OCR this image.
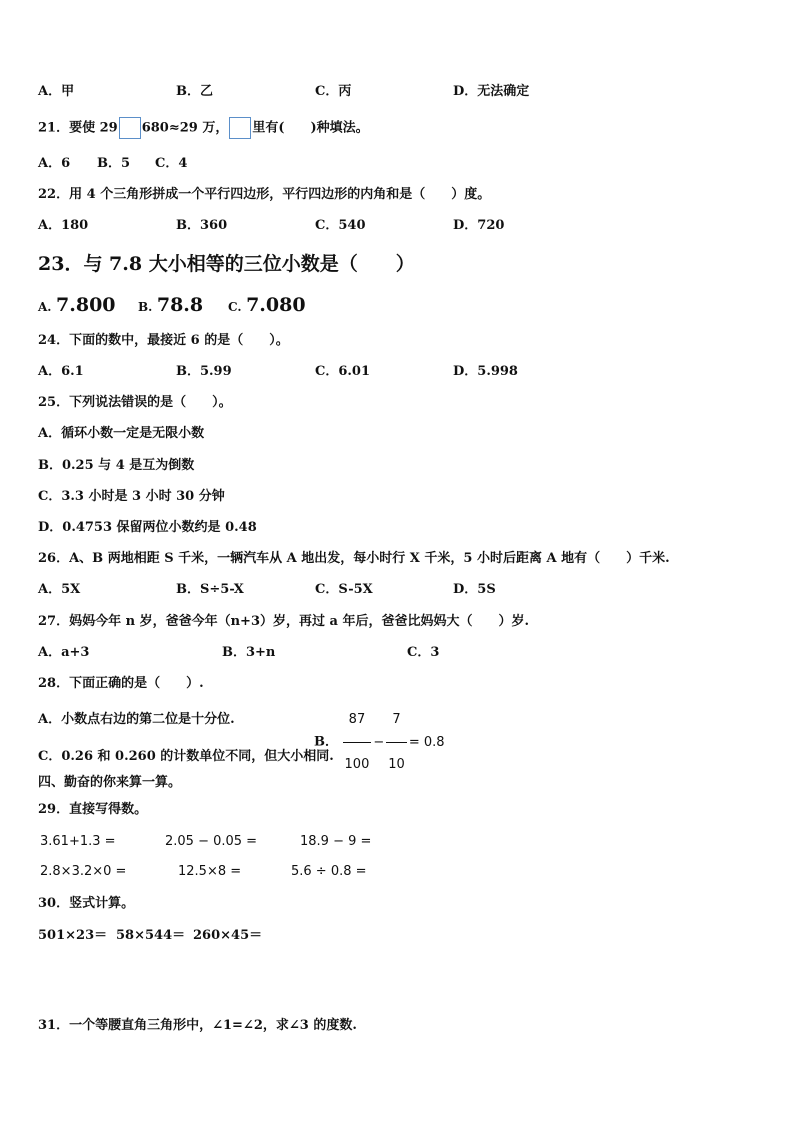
A．甲	B．乙	C．丙	D．无法确定
21．要使 29 680≈29 万， 里有(　　)种填法。
A．6 B．5 C．4
22．用 4 个三角形拼成一个平行四边形，平行四边形的内角和是（　　）度。
A．180	B．360	C．540	D．720
23．与 7.8 大小相等的三位小数是（　　）
A. 7.800 B. 78.8 C. 7.080
24．下面的数中，最接近 6 的是（　　）。
A．6.1	B．5.99	C．6.01	D．5.998
25．下列说法错误的是（　　）。
A．循环小数一定是无限小数
B．0.25 与 4 是互为倒数
C．3.3 小时是 3 小时 30 分钟
D．0.4753 保留两位小数约是 0.48
26．A、B 两地相距 S 千米，一辆汽车从 A 地出发，每小时行 X 千米，5 小时后距离 A 地有（　　）千米.
A．5X	B．S÷5-X	C．S-5X	D．5S
27．妈妈今年 n 岁，爸爸今年（n+3）岁，再过 a 年后，爸爸比妈妈大（　　）岁.
A．a+3	B．3+n	C．3
28．下面正确的是（　　）.
A．小数点右边的第二位是十分位.
B． $\frac{87}{100} - \frac{7}{10} = 0.8$
C．0.26 和 0.260 的计数单位不同，但大小相同.
四、勤奋的你来算一算。
29．直接写得数。
3.61+1.3 =	2.05 − 0.05 =	18.9 − 9 =
2.8×3.2×0 =	12.5×8 =	5.6 ÷ 0.8 =
30．竖式计算。
501×23＝ 58×544＝ 260×45＝
31．一个等腰直角三角形中，∠1=∠2，求∠3 的度数.
